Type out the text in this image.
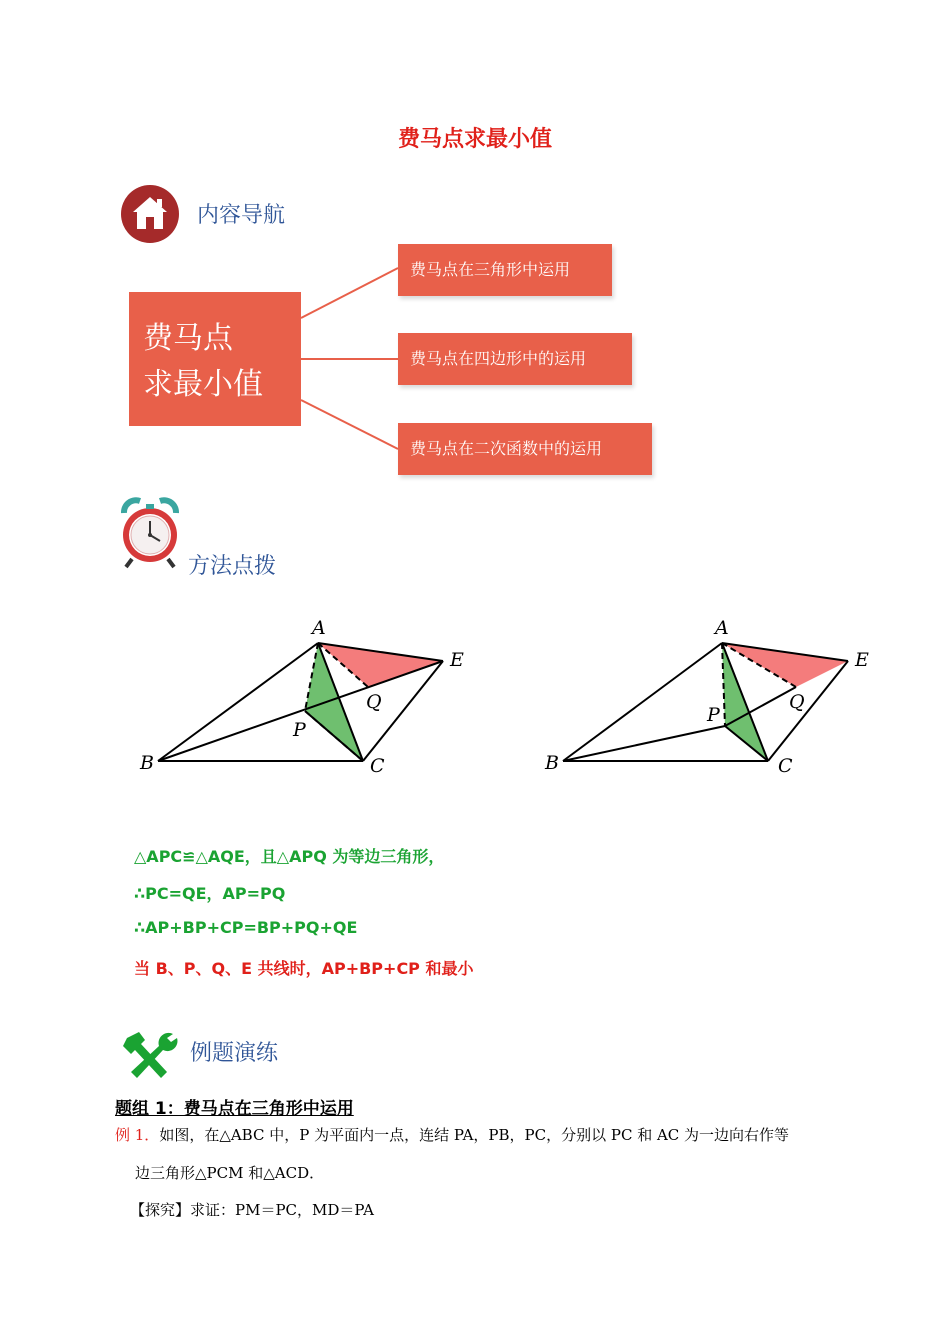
费马点求最小值
内容导航
费马点
求最小值
费马点在三角形中运用
费马点在四边形中的运用
费马点在二次函数中的运用
方法点拨
A
E
Q
P
B	C
A
E
Q
P
B	C
△APC≌△AQE，且△APQ 为等边三角形，
∴PC=QE，AP=PQ
∴AP+BP+CP=BP+PQ+QE
当 B、P、Q、E 共线时，AP+BP+CP 和最小
例题演练
题组 1：费马点在三角形中运用
例 1．如图，在△ABC 中，P 为平面内一点，连结 PA，PB，PC，分别以 PC 和 AC 为一边向右作等
边三角形△PCM 和△ACD．
【探究】求证：PM＝PC，MD＝PA
